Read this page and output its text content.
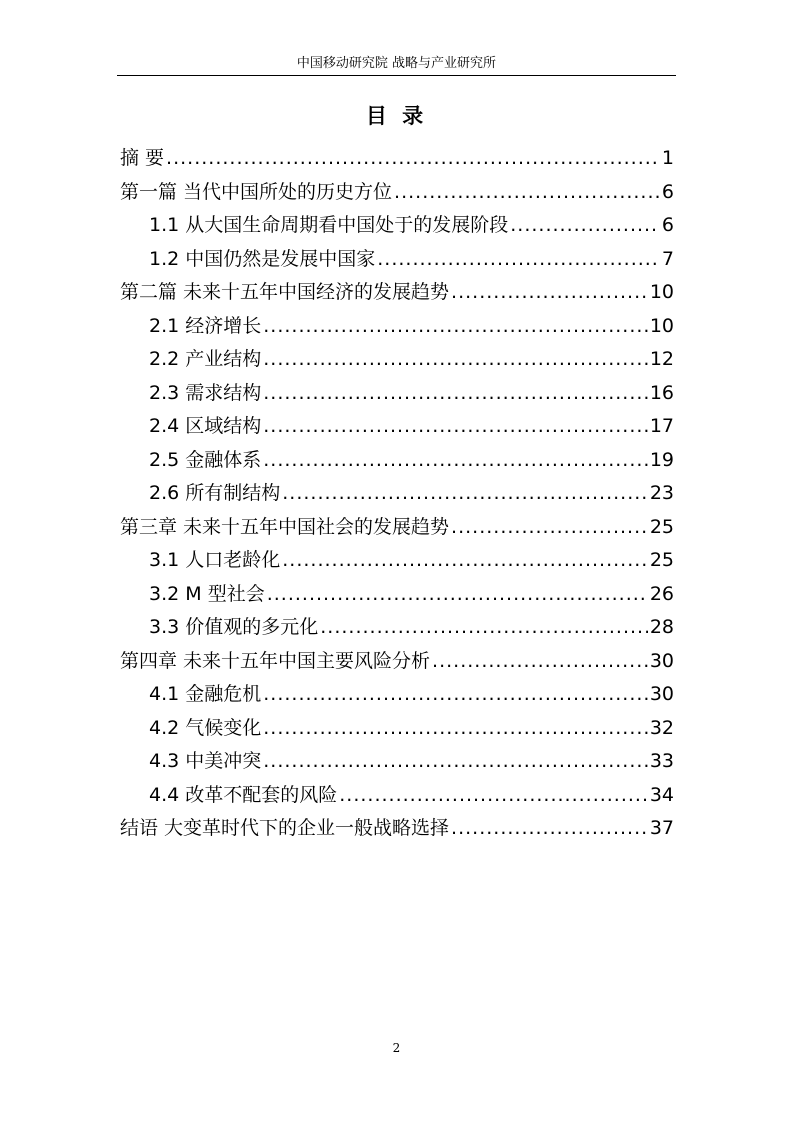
中国移动研究院 战略与产业研究所
目 录
摘 要 .....	1
第一篇 当代中国所处的历史方位 .....	6
1.1 从大国生命周期看中国处于的发展阶段 .....	6
1.2 中国仍然是发展中国家 .....	7
第二篇 未来十五年中国经济的发展趋势 .....	10
2.1 经济增长 .....	10
2.2 产业结构 .....	12
2.3 需求结构 .....	16
2.4 区域结构 .....	17
2.5 金融体系 .....	19
2.6 所有制结构 .....	23
第三章 未来十五年中国社会的发展趋势 .....	25
3.1 人口老龄化 .....	25
3.2 M 型社会 .....	26
3.3 价值观的多元化 .....	28
第四章 未来十五年中国主要风险分析 .....	30
4.1 金融危机 .....	30
4.2 气候变化 .....	32
4.3 中美冲突 .....	33
4.4 改革不配套的风险 .....	34
结语 大变革时代下的企业一般战略选择 .....	37
2
